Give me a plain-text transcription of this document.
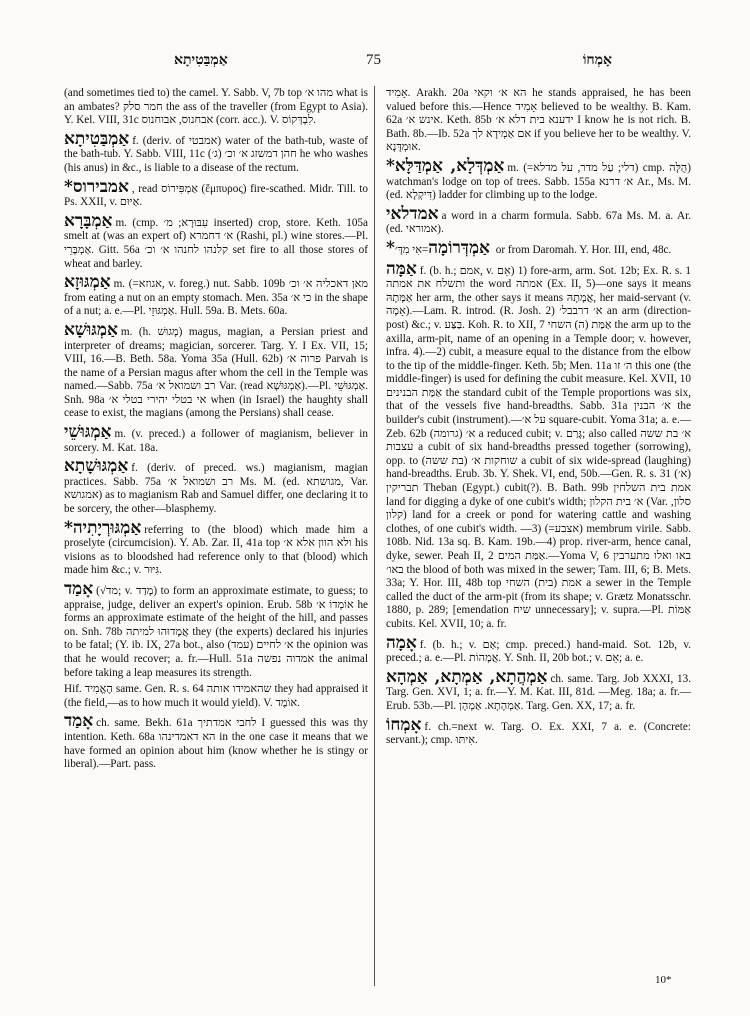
אַמְבַּטִיתָא	75	אָמְחוֹ

(and sometimes tied to) the camel. Y. Sabb. V, 7b top מהו א׳ what is an ambates? חמר סלק the ass of the traveller (from Egypt to Asia). Y. Kel. VIII, 31c אבחנוס, אבוחנוס (corr. acc.). V. לִבְדְּקוֹס.

אַמְבַּטִיתָא f. (deriv. of אמבטי) water of the bath-tub, waste of the bath-tub. Y. Sabb. VIII, 11c (ג׳) חהן דמשזג א׳ וכ׳ he who washes (his anus) in &c., is liable to a disease of the rectum.

*אמבירוס , read אַמְפִּירוֹס (ἔμπυρος) fire-scathed. Midr. Till. to Ps. XXII, v. אַיּוּם.

אַמְבָּרָא m. (cmp. עִבּוּרָא; מ׳ inserted) crop, store. Keth. 105a smelt at (was an expert of) א׳ דחמרא (Rashi, pl.) wine stores.—Pl. אַמְבָּרֵי. Gitt. 56a קלנהו לחנהו א׳ וכ׳ set fire to all those stores of wheat and barley.

אַמְגּוּזָא m. (=אגוזא, v. foreg.) nut. Sabb. 109b מאן דאכליה א׳ וכ׳ from eating a nut on an empty stomach. Men. 35a כי א׳ in the shape of a nut; a. e.—Pl. אַמְגּוּזֵי. Hull. 59a. B. Mets. 60a.

אַמְגּוּשָׁא m. (h. מָגוּשׁ) magus, magian, a Persian priest and interpreter of dreams; magician, sorcerer. Targ. Y. I Ex. VII, 15; VIII, 16.—B. Beth. 58a. Yoma 35a (Hull. 62b) פרוה א׳ Parvah is the name of a Persian magus after whom the cell in the Temple was named.—Sabb. 75a רב ושמואל א׳ Var. (read אַמְגּוּשָׁא).—Pl. אַמְגּוּשֵׁי. Snh. 98a אי בטלי יהירי בטלי א׳ when (in Israel) the haughty shall cease to exist, the magians (among the Persians) shall cease.

אַמְגּוּשֵׁי m. (v. preced.) a follower of magianism, believer in sorcery. M. Kat. 18a.

אַמְגּוּשָׁתָא f. (deriv. of preced. ws.) magianism, magian practices. Sabb. 75a רב ושמואל א׳ Ms. M. (ed. מגושתא, Var. אמגושא) as to magianism Rab and Samuel differ, one declaring it to be sorcery, the other—blasphemy.

*אַמְגּוּרְיָתִיה referring to (the blood) which made him a proselyte (circumcision). Y. Ab. Zar. II, 41a top ולא הוון אלא א׳ his visions as to bloodshed had reference only to that (blood) which made him &c.; v. גִּיּוּר.

אָמַד (√מד; v. מָדַד) to form an approximate estimate, to guess; to appraise, judge, deliver an expert's opinion. Erub. 58b אוֹמְדוֹ א׳ he forms an approximate estimate of the height of the hill, and passes on. Snh. 78b אֲמָדוּהוּ למיתה they (the experts) declared his injuries to be fatal; (Y. ib. IX, 27a bot., also (עמד) א׳ לחיים the opinion was that he would recover; a. fr.—Hull. 51a אמדוה נפשה the animal before taking a leap measures its strength.

Hif. הֶאֱמִיד same. Gen. R. s. 64 שהאמידו אותה they had appraised it (the field,—as to how much it would yield). V. אוֹמֶד.

אָמַד ch. same. Bekh. 61a לחבי אמדתיך I guessed this was thy intention. Keth. 68a הא דאמדינהו in the one case it means that we have formed an opinion about him (know whether he is stingy or liberal).—Part. pass.

אָמִיד. Arakh. 20a הא א׳ וקאי he stands appraised, he has been valued before this.—Hence אָמִיד believed to be wealthy. B. Kam. 62a אינש א׳. Keth. 85b ידענא בית דלא א׳ I know he is not rich. B. Bath. 8b.—Ib. 52a אם אַמְידָא לך if you believe her to be wealthy. V. אוּמְדָּנָא.

*אַמְדְּלָא, אַמְדַּלָּא m. (=דלי; עַל מדר, על מדלא) cmp. הֻלָּה) watchman's lodge on top of trees. Sabb. 155a א׳ דרנא Ar., Ms. M. (ed. דִּיקְלָא) ladder for climbing up to the lodge.

אמדלאי a word in a charm formula. Sabb. 67a Ms. M. a. Ar. (ed. אמוראי).

*אַמְדְּרוֹמָה=אִי מִדָּ׳ or from Daromah. Y. Hor. III, end, 48c.

אַמָּה f. (b. h.; אמם, v. אֵם) 1) fore-arm, arm. Sot. 12b; Ex. R. s. 1 ותשלח את אמתה the word אמתה (Ex. II, 5)—one says it means אַמָּתָהּ her arm, the other says it means אֲמָתָהּ, her maid-servant (v. אָמָה).—Lam. R. introd. (R. Josh. 2) א׳ דרבבל׳ an arm (direction-post) &c.; v. בַּצַּע. Koh. R. to XII, 7 אַמַּת (ה) השחי the arm up to the axilla, arm-pit, name of an opening in a Temple door; v. however, infra. 4).—2) cubit, a measure equal to the distance from the elbow to the tip of the middle-finger. Keth. 5b; Men. 11a ה׳ זו this one (the middle-finger) is used for defining the cubit measure. Kel. XVII, 10 אַמַּת הבנינים the standard cubit of the Temple proportions was six, that of the vessels five hand-breadths. Sabb. 31a א׳ הבנין the builder's cubit (instrument).—על א׳ square-cubit. Yoma 31a; a. e.—Zeb. 62b (גרומה) א׳ a reduced cubit; v. גָּרַם; also called א׳ בת ששה עצבות a cubit of six hand-breadths pressed together (sorrowing), opp. to (בת ששה) שוחקות א׳ a cubit of six wide-spread (laughing) hand-breadths. Erub. 3b. Y. Shek. VI, end, 50b.—Gen. R. s. 31 (א׳) תבריקין Theban (Egypt.) cubit(?). B. Bath. 99b אמת בית השלחין land for digging a dyke of one cubit's width; א׳ בית הקלון (Var. סלון, קלון) land for a creek or pond for watering cattle and washing clothes, of one cubit's width. —3) (=אצבע) membrum virile. Sabb. 108b. Nid. 13a sq. B. Kam. 19b.—4) prop. river-arm, hence canal, dyke, sewer. Peah II, 2 אַמַּת המים.—Yoma V, 6 באו ואלו מתערבין באו׳ the blood of both was mixed in the sewer; Tam. III, 6; B. Mets. 33a; Y. Hor. III, 48b top אמת (בית) השחי a sewer in the Temple called the duct of the arm-pit (from its shape; v. Grætz Monatsschr. 1880, p. 289; [emendation שיח unnecessary]; v. supra.—Pl. אַמּוֹת cubits. Kel. XVII, 10; a. fr.

אָמָה f. (b. h.; v. אַם; cmp. preced.) hand-maid. Sot. 12b, v. preced.; a. e.—Pl. אֲמָהוֹת. Y. Snh. II, 20b bot.; v. אֵם; a. e.

אַמְהֲתָא, אַמְתָא, אַמְהָא ch. same. Targ. Job XXXI, 13. Targ. Gen. XVI, 1; a. fr.—Y. M. Kat. III, 81d. —Meg. 18a; a. fr.—Erub. 53b.—Pl. אַמְהָתָא. אַמְהָן. Targ. Gen. XX, 17; a. fr.

אָמְחוֹ f. ch.=next w. Targ. O. Ex. XXI, 7 a. e. (Concrete: servant.); cmp. אִיתּוּ.

10*
